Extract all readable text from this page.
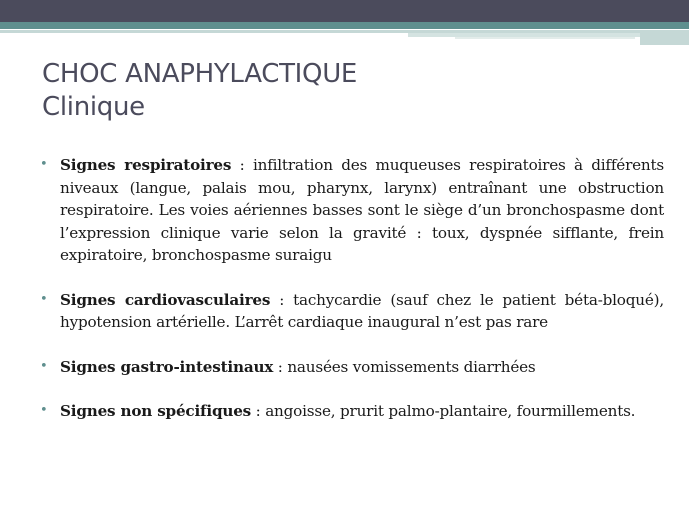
CHOC ANAPHYLACTIQUE
Clinique
• Signes respiratoires : infiltration des muqueuses respiratoires à différents niveaux (langue, palais mou, pharynx, larynx) entraînant une obstruction respiratoire. Les voies aériennes basses sont le siège d’un bronchospasme dont l’expression clinique varie selon la gravité : toux, dyspnée sifflante, frein expiratoire, bronchospasme suraigu
• Signes cardiovasculaires : tachycardie (sauf chez le patient béta-bloqué), hypotension artérielle. L’arrêt cardiaque inaugural n’est pas rare
• Signes gastro-intestinaux : nausées vomissements diarrhées
• Signes non spécifiques : angoisse, prurit palmo-plantaire, fourmillements.
